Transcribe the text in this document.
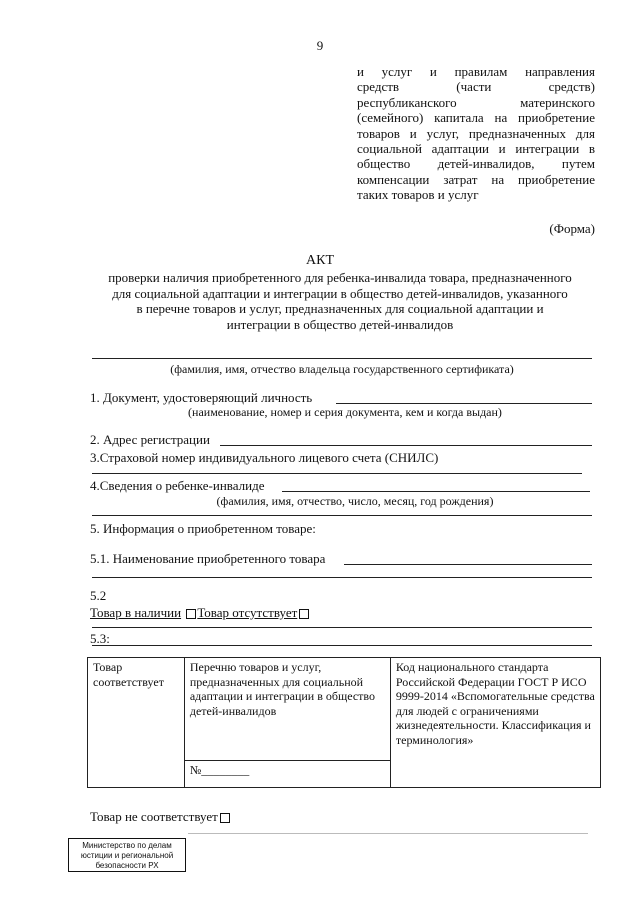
9
и услуг и правилам направления
средств (части средств)
республиканского материнского
(семейного) капитала на приобретение
товаров и услуг, предназначенных для
социальной адаптации и интеграции в
общество детей-инвалидов, путем
компенсации затрат на приобретение
таких товаров и услуг
(Форма)
АКТ
проверки наличия приобретенного для ребенка-инвалида товара, предназначенного
для социальной адаптации и интеграции в общество детей-инвалидов, указанного
в перечне товаров и услуг, предназначенных для социальной адаптации и
интеграции в общество детей-инвалидов
(фамилия, имя, отчество владельца государственного сертификата)
1. Документ, удостоверяющий личность
(наименование, номер и серия документа, кем и когда выдан)
2. Адрес регистрации
3.Страховой номер индивидуального лицевого счета (СНИЛС)
4.Сведения о ребенке-инвалиде
(фамилия, имя, отчество, число, месяц, год рождения)
5. Информация о приобретенном товаре:
5.1. Наименование приобретенного товара
5.2
Товар в наличии Товар отсутствует
5.3:
Товар соответствует	Перечню товаров и услуг, предназначенных для социальной адаптации и интеграции в общество детей-инвалидов	Код национального стандарта Российской Федерации ГОСТ Р ИСО 9999-2014 «Вспомогательные средства для людей с ограничениями жизнедеятельности. Классификация и терминология»
№________
Товар не соответствует
Министерство по делам
юстиции и региональной
безопасности РХ
